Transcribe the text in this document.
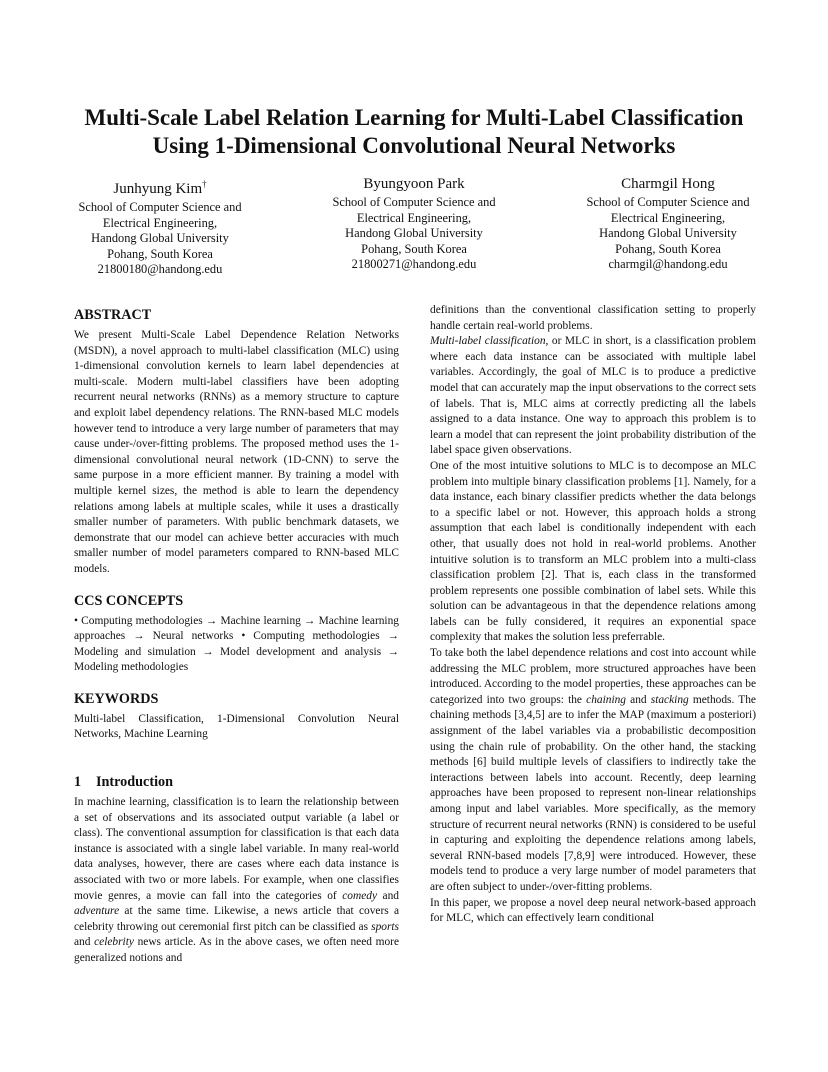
Multi-Scale Label Relation Learning for Multi-Label Classification
Using 1-Dimensional Convolutional Neural Networks
Junhyung Kim†
School of Computer Science and
Electrical Engineering,
Handong Global University
Pohang, South Korea
21800180@handong.edu
Byungyoon Park
School of Computer Science and
Electrical Engineering,
Handong Global University
Pohang, South Korea
21800271@handong.edu
Charmgil Hong
School of Computer Science and
Electrical Engineering,
Handong Global University
Pohang, South Korea
charmgil@handong.edu
ABSTRACT

We present Multi-Scale Label Dependence Relation Networks (MSDN), a novel approach to multi-label classification (MLC) using 1-dimensional convolution kernels to learn label dependencies at multi-scale. Modern multi-label classifiers have been adopting recurrent neural networks (RNNs) as a memory structure to capture and exploit label dependency relations. The RNN-based MLC models however tend to introduce a very large number of parameters that may cause under-/over-fitting problems. The proposed method uses the 1-dimensional convolutional neural network (1D-CNN) to serve the same purpose in a more efficient manner. By training a model with multiple kernel sizes, the method is able to learn the dependency relations among labels at multiple scales, while it uses a drastically smaller number of parameters. With public benchmark datasets, we demonstrate that our model can achieve better accuracies with much smaller number of model parameters compared to RNN-based MLC models.

CCS CONCEPTS

• Computing methodologies → Machine learning → Machine learning approaches → Neural networks • Computing methodologies → Modeling and simulation → Model development and analysis → Modeling methodologies

KEYWORDS

Multi-label Classification, 1-Dimensional Convolution Neural Networks, Machine Learning

1 Introduction

In machine learning, classification is to learn the relationship between a set of observations and its associated output variable (a label or class). The conventional assumption for classification is that each data instance is associated with a single label variable. In many real-world data analyses, however, there are cases where each data instance is associated with two or more labels. For example, when one classifies movie genres, a movie can fall into the categories of comedy and adventure at the same time. Likewise, a news article that covers a celebrity throwing out ceremonial first pitch can be classified as sports and celebrity news article. As in the above cases, we often need more generalized notions and

definitions than the conventional classification setting to properly handle certain real-world problems.

Multi-label classification, or MLC in short, is a classification problem where each data instance can be associated with multiple label variables. Accordingly, the goal of MLC is to produce a predictive model that can accurately map the input observations to the correct sets of labels. That is, MLC aims at correctly predicting all the labels assigned to a data instance. One way to approach this problem is to learn a model that can represent the joint probability distribution of the label space given observations.

One of the most intuitive solutions to MLC is to decompose an MLC problem into multiple binary classification problems [1]. Namely, for a data instance, each binary classifier predicts whether the data belongs to a specific label or not. However, this approach holds a strong assumption that each label is conditionally independent with each other, that usually does not hold in real-world problems. Another intuitive solution is to transform an MLC problem into a multi-class classification problem [2]. That is, each class in the transformed problem represents one possible combination of label sets. While this solution can be advantageous in that the dependence relations among labels can be fully considered, it requires an exponential space complexity that makes the solution less preferrable.

To take both the label dependence relations and cost into account while addressing the MLC problem, more structured approaches have been introduced. According to the model properties, these approaches can be categorized into two groups: the chaining and stacking methods. The chaining methods [3,4,5] are to infer the MAP (maximum a posteriori) assignment of the label variables via a probabilistic decomposition using the chain rule of probability. On the other hand, the stacking methods [6] build multiple levels of classifiers to indirectly take the interactions between labels into account. Recently, deep learning approaches have been proposed to represent non-linear relationships among input and label variables. More specifically, as the memory structure of recurrent neural networks (RNN) is considered to be useful in capturing and exploiting the dependence relations among labels, several RNN-based models [7,8,9] were introduced. However, these models tend to produce a very large number of model parameters that are often subject to under-/over-fitting problems.

In this paper, we propose a novel deep neural network-based approach for MLC, which can effectively learn conditional
